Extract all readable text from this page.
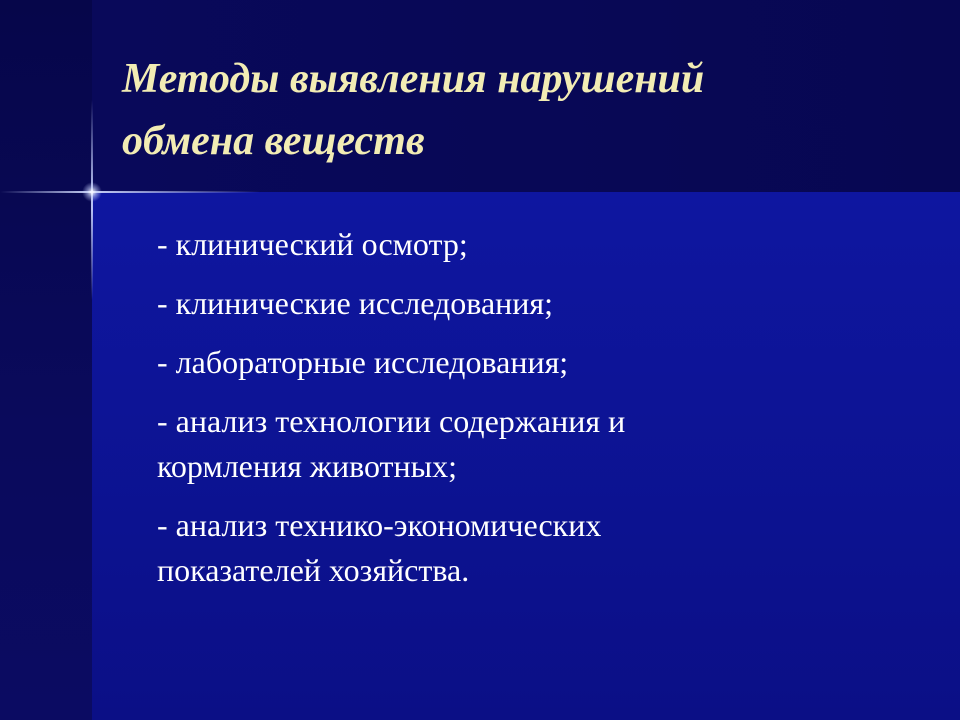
Методы выявления нарушений
обмена веществ
- клинический осмотр;
- клинические исследования;
- лабораторные исследования;
- анализ технологии содержания и
кормления животных;
- анализ технико-экономических
показателей хозяйства.
